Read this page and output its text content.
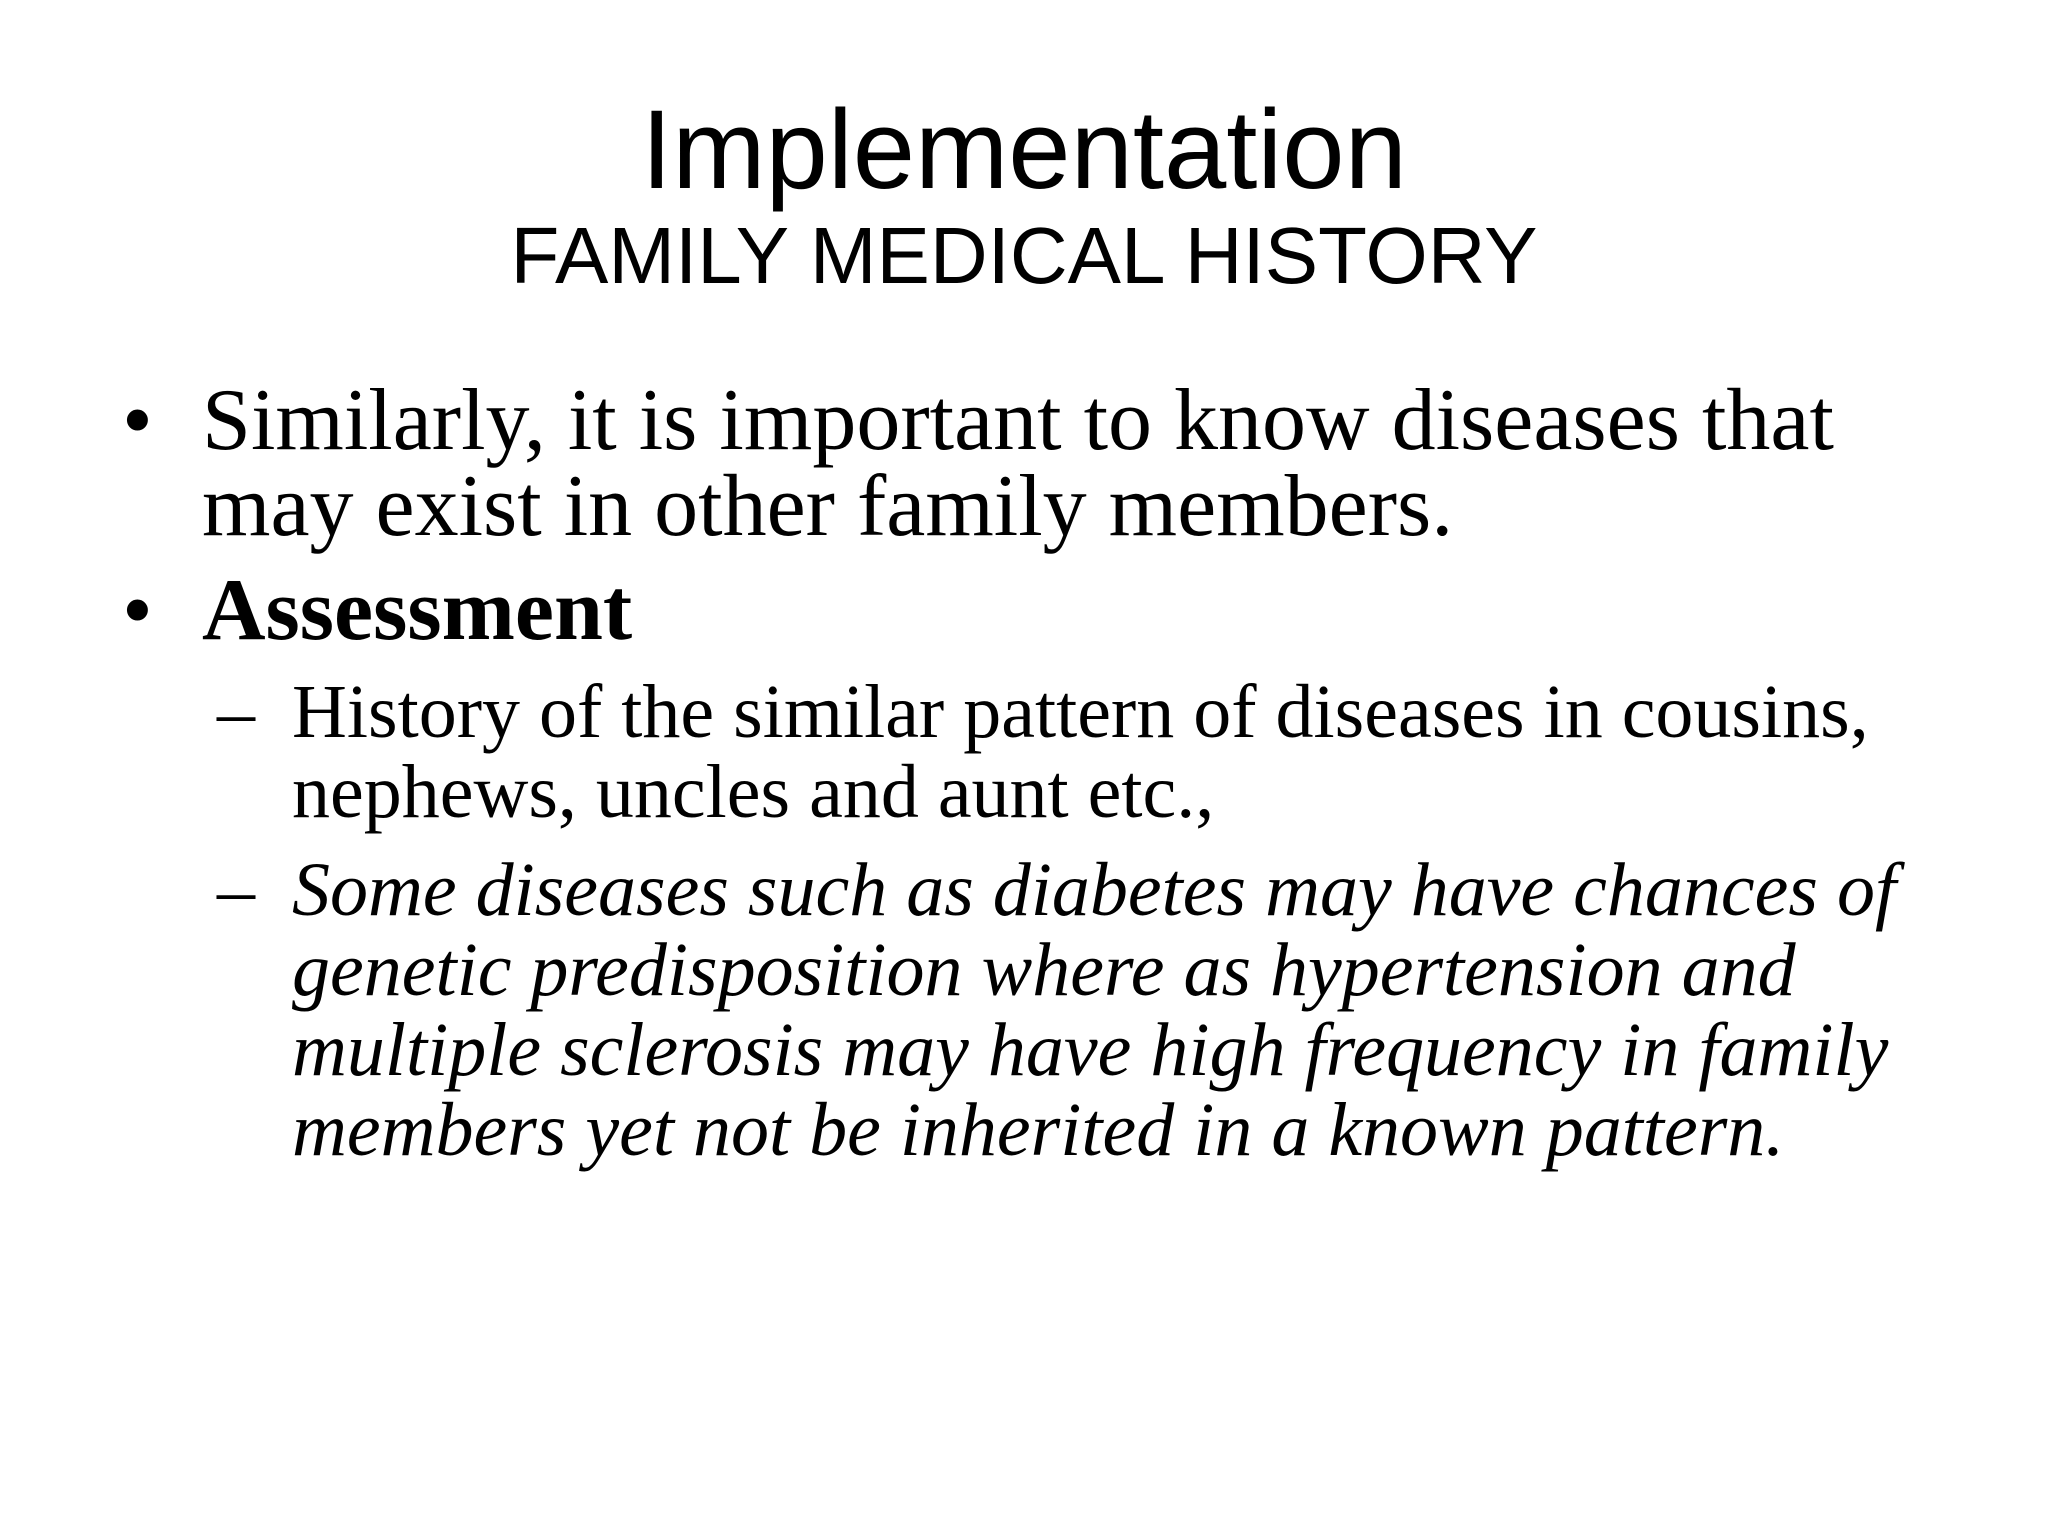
Implementation
FAMILY MEDICAL HISTORY

• Similarly, it is important to know diseases that may exist in other family members.

• Assessment

– History of the similar pattern of diseases in cousins, nephews, uncles and aunt etc.,

– Some diseases such as diabetes may have chances of genetic predisposition where as hypertension and multiple sclerosis may have high frequency in family members yet not be inherited in a known pattern.
